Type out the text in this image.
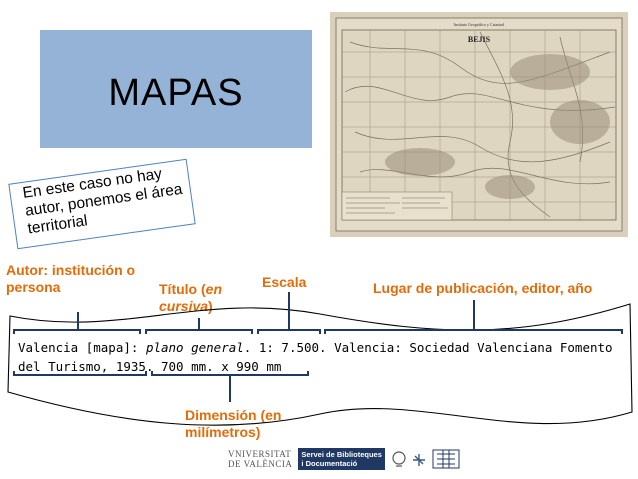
MAPAS
Instituto Geográfico y Catastral
BEJIS
En este caso no hay autor, ponemos el área territorial
Autor: institución o persona	Título (en cursiva)
Escala	Lugar de publicación, editor, año
Dimensión (en milímetros)
Valencia [mapa]: plano general. 1: 7.500. Valencia: Sociedad Valenciana Fomento
del Turismo, 1935. 700 mm. x 990 mm
VNIVERSITAT
DE VALÈNCIA
Servei de Biblioteques
i Documentació
